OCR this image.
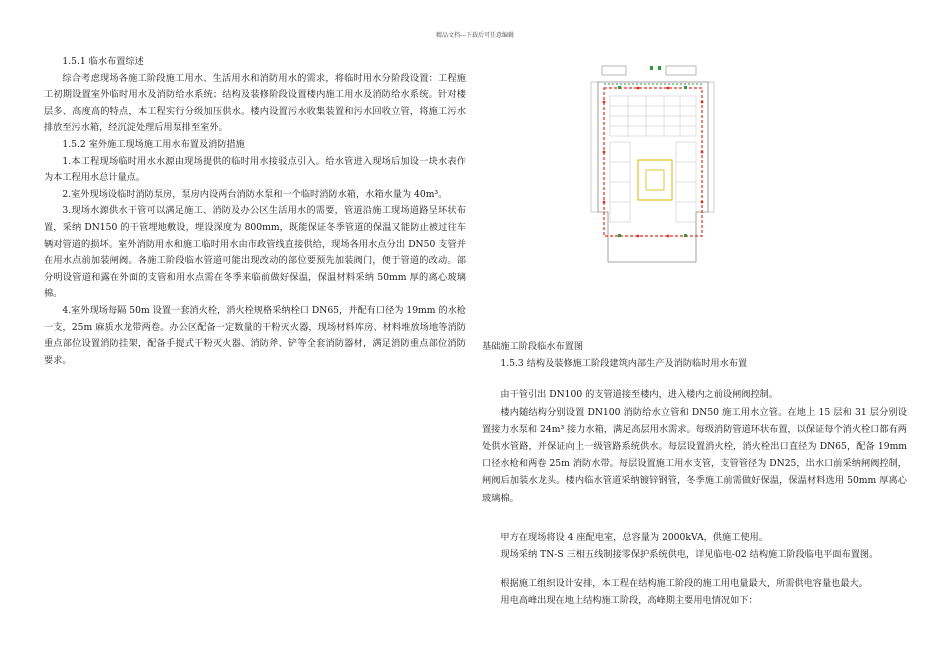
精品文档---下载后可任意编辑
1.5.1 临水布置综述

综合考虑现场各施工阶段施工用水、生活用水和消防用水的需求，将临时用水分阶段设置：工程施工初期设置室外临时用水及消防给水系统；结构及装修阶段设置楼内施工用水及消防给水系统。针对楼层多、高度高的特点，本工程实行分级加压供水。楼内设置污水收集装置和污水回收立管，将施工污水排放至污水箱，经沉淀处理后用泵排至室外。

1.5.2 室外施工现场施工用水布置及消防措施

1.本工程现场临时用水水源由现场提供的临时用水接驳点引入。给水管进入现场后加设一块水表作为本工程用水总计量点。

2.室外现场设临时消防泵房，泵房内设两台消防水泵和一个临时消防水箱，水箱水量为 40m³。

3.现场水源供水干管可以满足施工、消防及办公区生活用水的需要，管道沿施工现场道路呈环状布置，采纳 DN150 的干管埋地敷设，埋设深度为 800mm，既能保证冬季管道的保温又能防止被过往车辆对管道的损坏。室外消防用水和施工临时用水由市政管线直接供给，现场各用水点分出 DN50 支管并在用水点前加装闸阀。各施工阶段临水管道可能出现改动的部位要预先加装阀门，便于管道的改动。部分明设管道和露在外面的支管和用水点需在冬季来临前做好保温，保温材料采纳 50mm 厚的离心玻璃棉。

4.室外现场每隔 50m 设置一套消火栓，消火栓规格采纳栓口 DN65，并配有口径为 19mm 的水枪一支，25m 麻质水龙带两卷。办公区配备一定数量的干粉灭火器，现场材料库房、材料堆放场地等消防重点部位设置消防挂架，配备手提式干粉灭火器、消防斧、铲等全套消防器材，满足消防重点部位消防要求。

基础施工阶段临水布置图

1.5.3 结构及装修施工阶段建筑内部生产及消防临时用水布置

由干管引出 DN100 的支管道接至楼内，进入楼内之前设闸阀控制。

楼内随结构分别设置 DN100 消防给水立管和 DN50 施工用水立管。在地上 15 层和 31 层分别设置接力水泵和 24m³ 接力水箱，满足高层用水需求。每级消防管道环状布置，以保证每个消火栓口都有两处供水管路，并保证向上一级管路系统供水。每层设置消火栓，消火栓出口直径为 DN65，配备 19mm 口径水枪和两卷 25m 消防水带。每层设置施工用水支管，支管管径为 DN25，出水口前采纳闸阀控制，闸阀后加装水龙头。楼内临水管道采纳镀锌钢管，冬季施工前需做好保温，保温材料选用 50mm 厚离心玻璃棉。

甲方在现场将设 4 座配电室，总容量为 2000kVA，供施工使用。

现场采纳 TN-S 三相五线制接零保护系统供电，详见临电-02 结构施工阶段临电平面布置图。

根据施工组织设计安排，本工程在结构施工阶段的施工用电量最大，所需供电容量也最大。

用电高峰出现在地上结构施工阶段，高峰期主要用电情况如下：
